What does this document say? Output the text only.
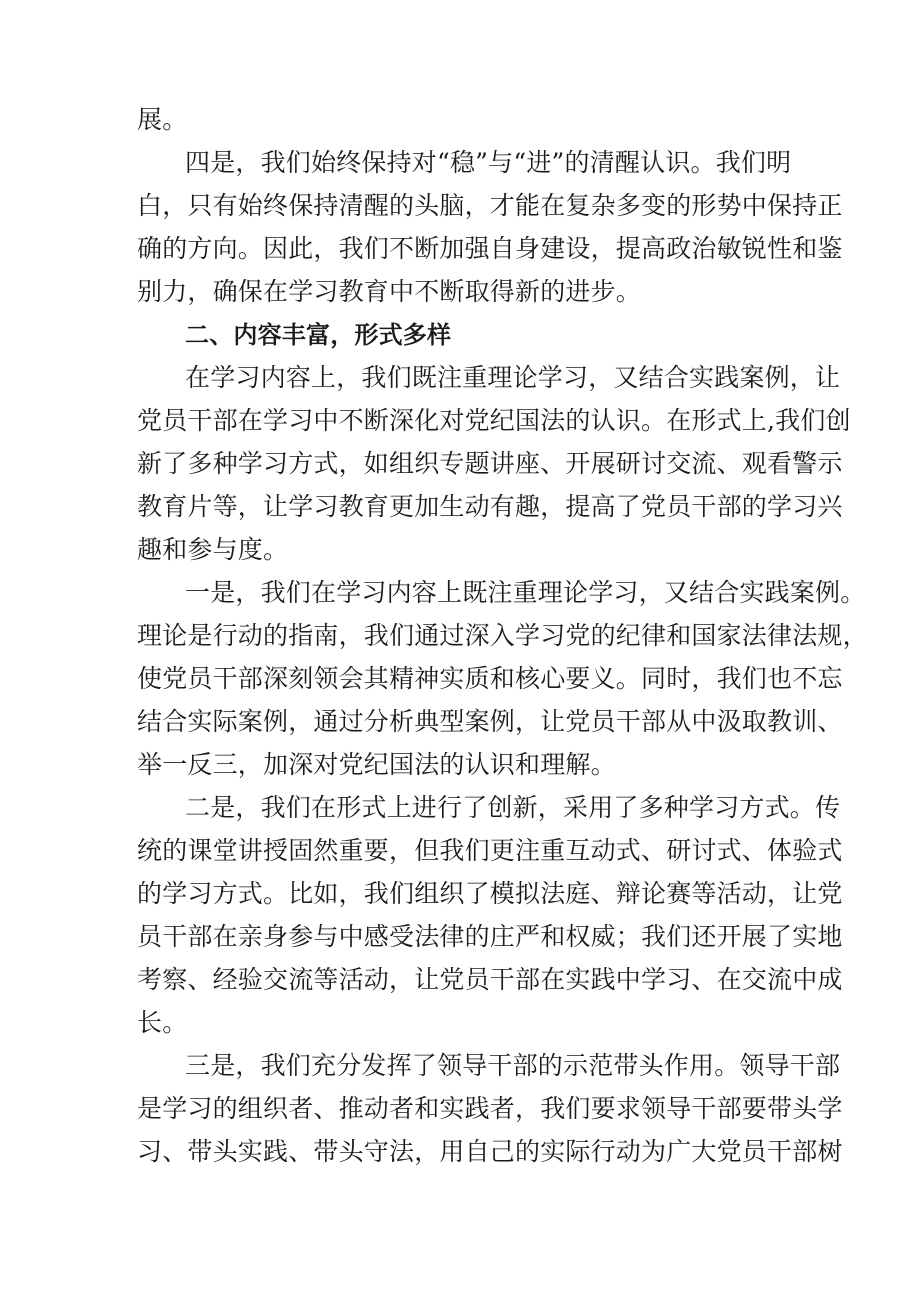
展。
四是，我们始终保持对“稳”与“进”的清醒认识。我们明
白，只有始终保持清醒的头脑，才能在复杂多变的形势中保持正
确的方向。因此，我们不断加强自身建设，提高政治敏锐性和鉴
别力，确保在学习教育中不断取得新的进步。
二、内容丰富，形式多样
在学习内容上，我们既注重理论学习，又结合实践案例，让
党员干部在学习中不断深化对党纪国法的认识。在形式上,我们创
新了多种学习方式，如组织专题讲座、开展研讨交流、观看警示
教育片等，让学习教育更加生动有趣，提高了党员干部的学习兴
趣和参与度。
一是，我们在学习内容上既注重理论学习，又结合实践案例。
理论是行动的指南，我们通过深入学习党的纪律和国家法律法规，
使党员干部深刻领会其精神实质和核心要义。同时，我们也不忘
结合实际案例，通过分析典型案例，让党员干部从中汲取教训、
举一反三，加深对党纪国法的认识和理解。
二是，我们在形式上进行了创新，采用了多种学习方式。传
统的课堂讲授固然重要，但我们更注重互动式、研讨式、体验式
的学习方式。比如，我们组织了模拟法庭、辩论赛等活动，让党
员干部在亲身参与中感受法律的庄严和权威；我们还开展了实地
考察、经验交流等活动，让党员干部在实践中学习、在交流中成
长。
三是，我们充分发挥了领导干部的示范带头作用。领导干部
是学习的组织者、推动者和实践者，我们要求领导干部要带头学
习、带头实践、带头守法，用自己的实际行动为广大党员干部树
